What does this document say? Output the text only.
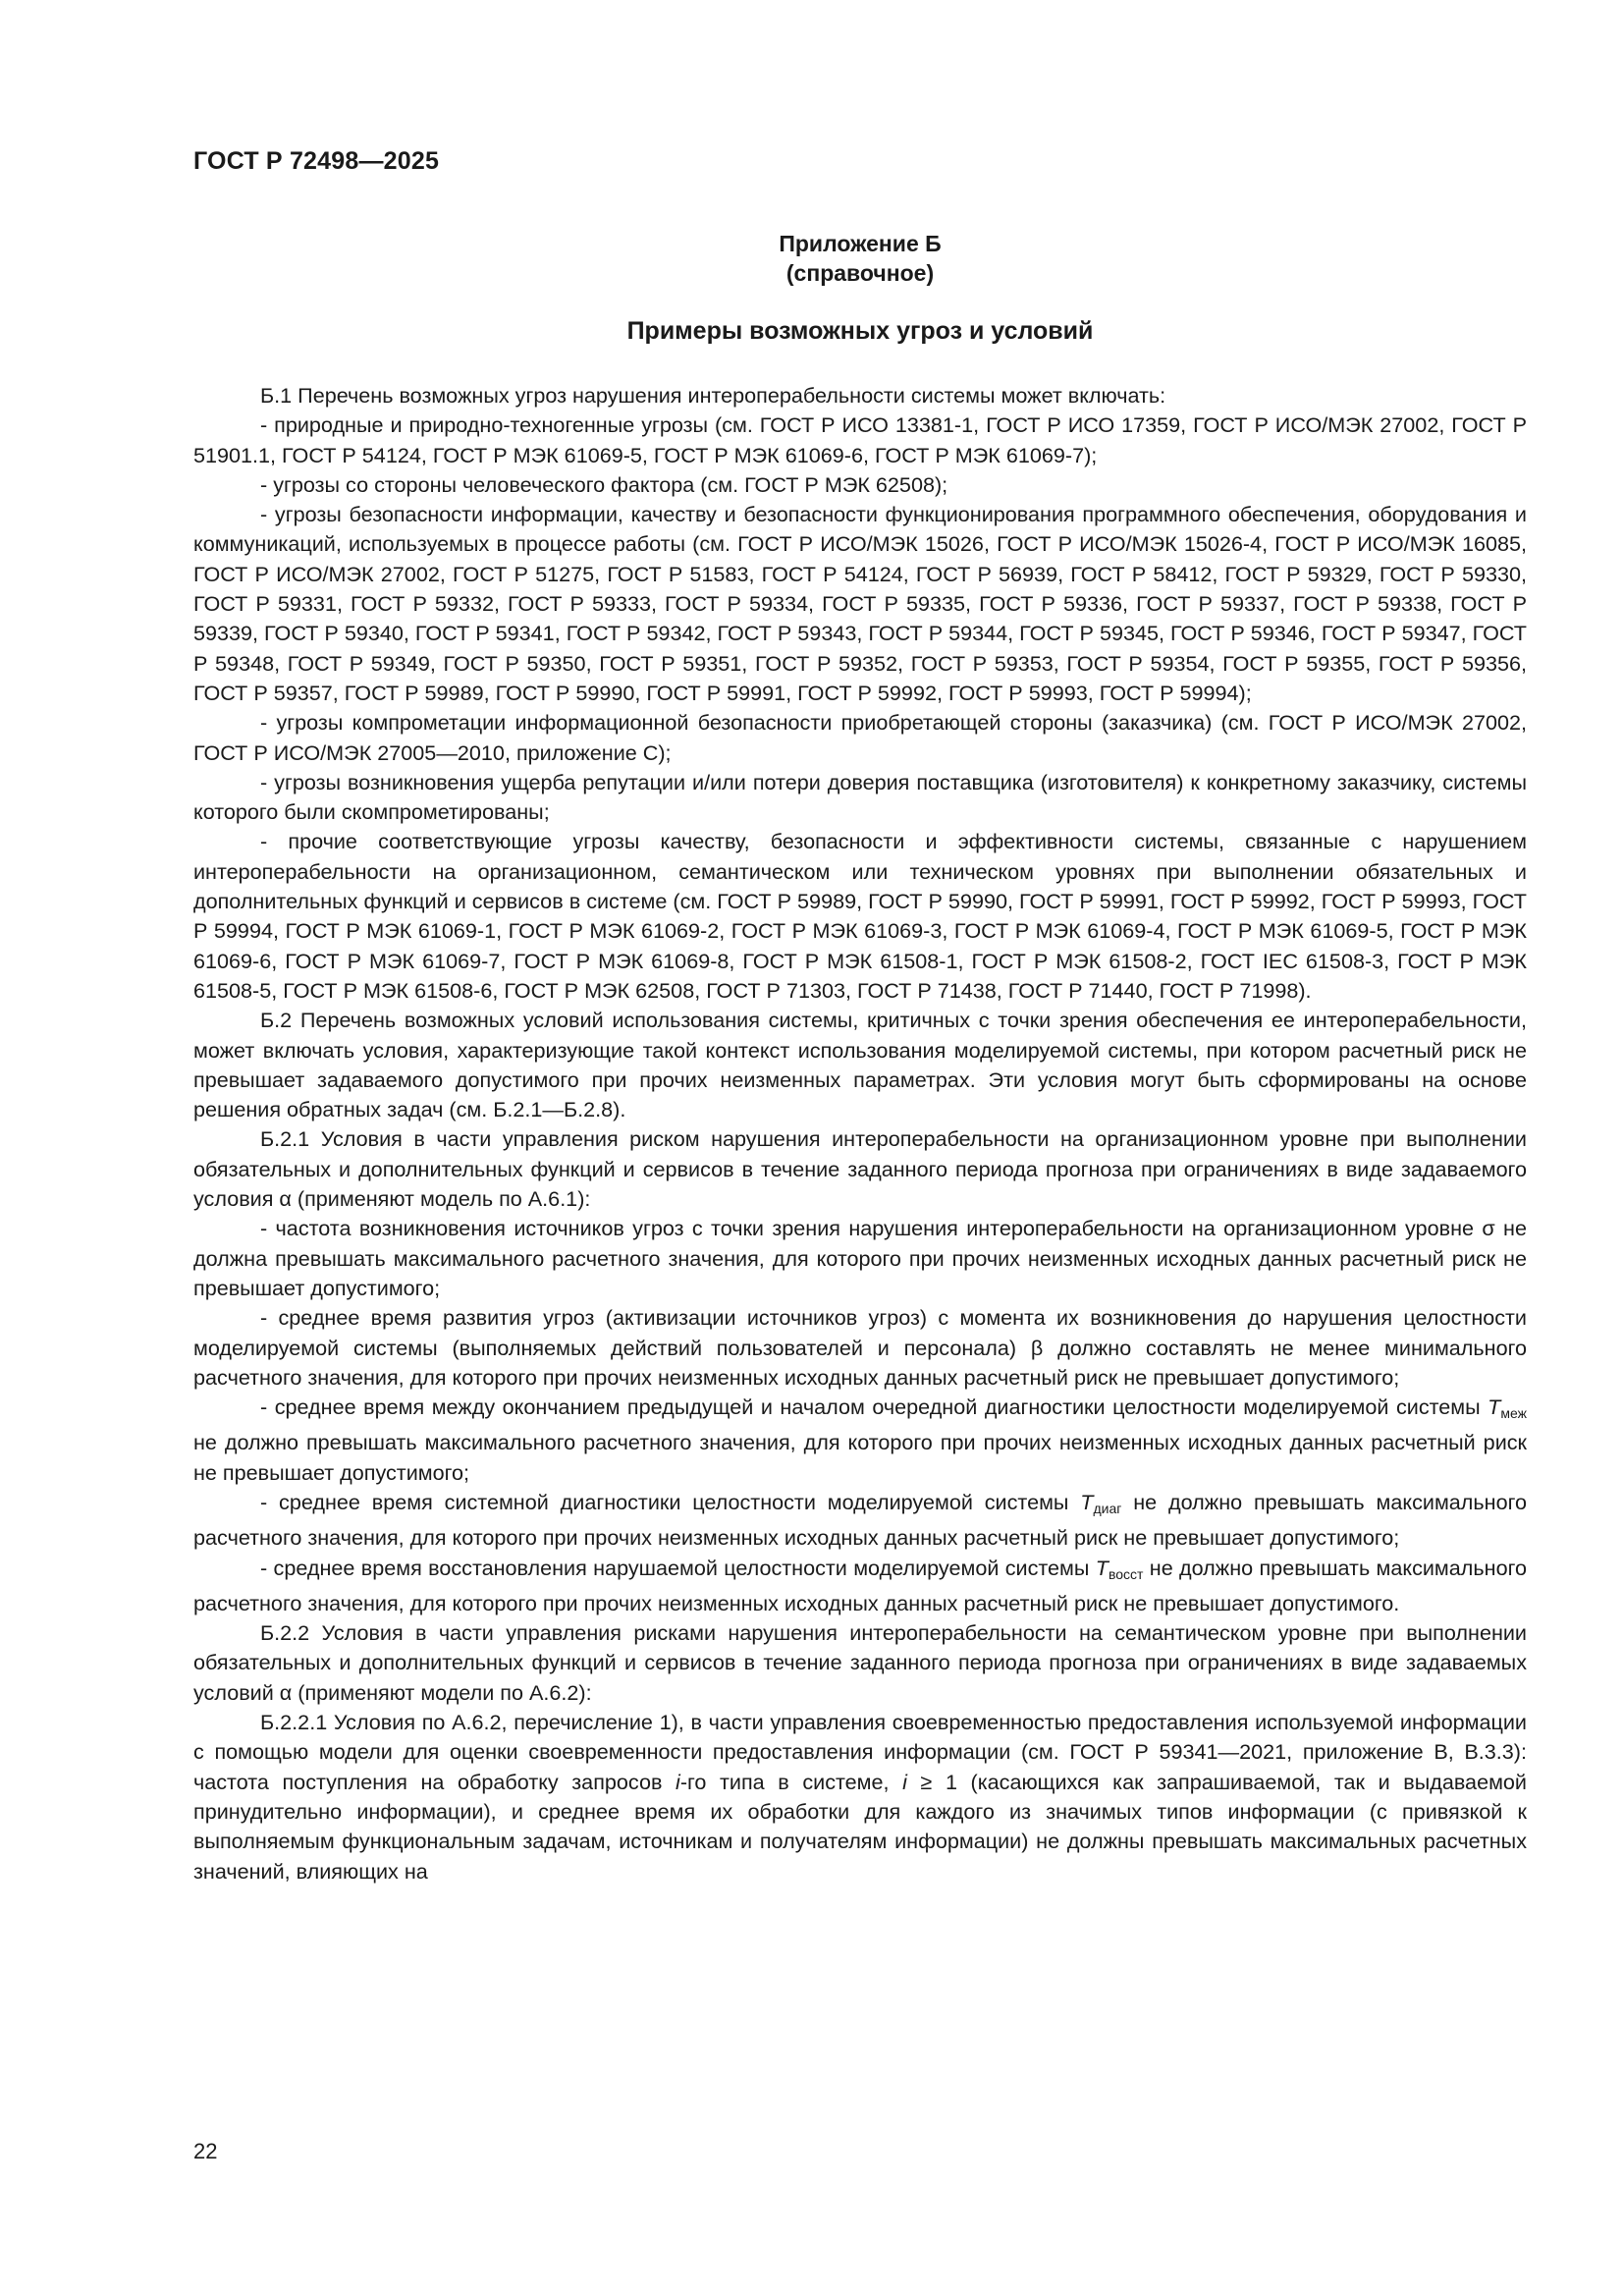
ГОСТ Р 72498—2025
Приложение Б
(справочное)
Примеры возможных угроз и условий

Б.1 Перечень возможных угроз нарушения интероперабельности системы может включать:

- природные и природно-техногенные угрозы (см. ГОСТ Р ИСО 13381-1, ГОСТ Р ИСО 17359, ГОСТ Р ИСО/МЭК 27002, ГОСТ Р 51901.1, ГОСТ Р 54124, ГОСТ Р МЭК 61069-5, ГОСТ Р МЭК 61069-6, ГОСТ Р МЭК 61069-7);

- угрозы со стороны человеческого фактора (см. ГОСТ Р МЭК 62508);

- угрозы безопасности информации, качеству и безопасности функционирования программного обеспечения, оборудования и коммуникаций, используемых в процессе работы (см. ГОСТ Р ИСО/МЭК 15026, ГОСТ Р ИСО/МЭК 15026-4, ГОСТ Р ИСО/МЭК 16085, ГОСТ Р ИСО/МЭК 27002, ГОСТ Р 51275, ГОСТ Р 51583, ГОСТ Р 54124, ГОСТ Р 56939, ГОСТ Р 58412, ГОСТ Р 59329, ГОСТ Р 59330, ГОСТ Р 59331, ГОСТ Р 59332, ГОСТ Р 59333, ГОСТ Р 59334, ГОСТ Р 59335, ГОСТ Р 59336, ГОСТ Р 59337, ГОСТ Р 59338, ГОСТ Р 59339, ГОСТ Р 59340, ГОСТ Р 59341, ГОСТ Р 59342, ГОСТ Р 59343, ГОСТ Р 59344, ГОСТ Р 59345, ГОСТ Р 59346, ГОСТ Р 59347, ГОСТ Р 59348, ГОСТ Р 59349, ГОСТ Р 59350, ГОСТ Р 59351, ГОСТ Р 59352, ГОСТ Р 59353, ГОСТ Р 59354, ГОСТ Р 59355, ГОСТ Р 59356, ГОСТ Р 59357, ГОСТ Р 59989, ГОСТ Р 59990, ГОСТ Р 59991, ГОСТ Р 59992, ГОСТ Р 59993, ГОСТ Р 59994);

- угрозы компрометации информационной безопасности приобретающей стороны (заказчика) (см. ГОСТ Р ИСО/МЭК 27002, ГОСТ Р ИСО/МЭК 27005—2010, приложение С);

- угрозы возникновения ущерба репутации и/или потери доверия поставщика (изготовителя) к конкретному заказчику, системы которого были скомпрометированы;

- прочие соответствующие угрозы качеству, безопасности и эффективности системы, связанные с нарушением интероперабельности на организационном, семантическом или техническом уровнях при выполнении обязательных и дополнительных функций и сервисов в системе (см. ГОСТ Р 59989, ГОСТ Р 59990, ГОСТ Р 59991, ГОСТ Р 59992, ГОСТ Р 59993, ГОСТ Р 59994, ГОСТ Р МЭК 61069-1, ГОСТ Р МЭК 61069-2, ГОСТ Р МЭК 61069-3, ГОСТ Р МЭК 61069-4, ГОСТ Р МЭК 61069-5, ГОСТ Р МЭК 61069-6, ГОСТ Р МЭК 61069-7, ГОСТ Р МЭК 61069-8, ГОСТ Р МЭК 61508-1, ГОСТ Р МЭК 61508-2, ГОСТ IEC 61508-3, ГОСТ Р МЭК 61508-5, ГОСТ Р МЭК 61508-6, ГОСТ Р МЭК 62508, ГОСТ Р 71303, ГОСТ Р 71438, ГОСТ Р 71440, ГОСТ Р 71998).

Б.2 Перечень возможных условий использования системы, критичных с точки зрения обеспечения ее интероперабельности, может включать условия, характеризующие такой контекст использования моделируемой системы, при котором расчетный риск не превышает задаваемого допустимого при прочих неизменных параметрах. Эти условия могут быть сформированы на основе решения обратных задач (см. Б.2.1—Б.2.8).

Б.2.1 Условия в части управления риском нарушения интероперабельности на организационном уровне при выполнении обязательных и дополнительных функций и сервисов в течение заданного периода прогноза при ограничениях в виде задаваемого условия α (применяют модель по А.6.1):

- частота возникновения источников угроз с точки зрения нарушения интероперабельности на организационном уровне σ не должна превышать максимального расчетного значения, для которого при прочих неизменных исходных данных расчетный риск не превышает допустимого;

- среднее время развития угроз (активизации источников угроз) с момента их возникновения до нарушения целостности моделируемой системы (выполняемых действий пользователей и персонала) β должно составлять не менее минимального расчетного значения, для которого при прочих неизменных исходных данных расчетный риск не превышает допустимого;

- среднее время между окончанием предыдущей и началом очередной диагностики целостности моделируемой системы $T_{меж}$ не должно превышать максимального расчетного значения, для которого при прочих неизменных исходных данных расчетный риск не превышает допустимого;

- среднее время системной диагностики целостности моделируемой системы $T_{диаг}$ не должно превышать максимального расчетного значения, для которого при прочих неизменных исходных данных расчетный риск не превышает допустимого;

- среднее время восстановления нарушаемой целостности моделируемой системы $T_{восст}$ не должно превышать максимального расчетного значения, для которого при прочих неизменных исходных данных расчетный риск не превышает допустимого.

Б.2.2 Условия в части управления рисками нарушения интероперабельности на семантическом уровне при выполнении обязательных и дополнительных функций и сервисов в течение заданного периода прогноза при ограничениях в виде задаваемых условий α (применяют модели по А.6.2):

Б.2.2.1 Условия по А.6.2, перечисление 1), в части управления своевременностью предоставления используемой информации с помощью модели для оценки своевременности предоставления информации (см. ГОСТ Р 59341—2021, приложение В, В.3.3): частота поступления на обработку запросов i-го типа в системе, i ≥ 1 (касающихся как запрашиваемой, так и выдаваемой принудительно информации), и среднее время их обработки для каждого из значимых типов информации (с привязкой к выполняемым функциональным задачам, источникам и получателям информации) не должны превышать максимальных расчетных значений, влияющих на

22
